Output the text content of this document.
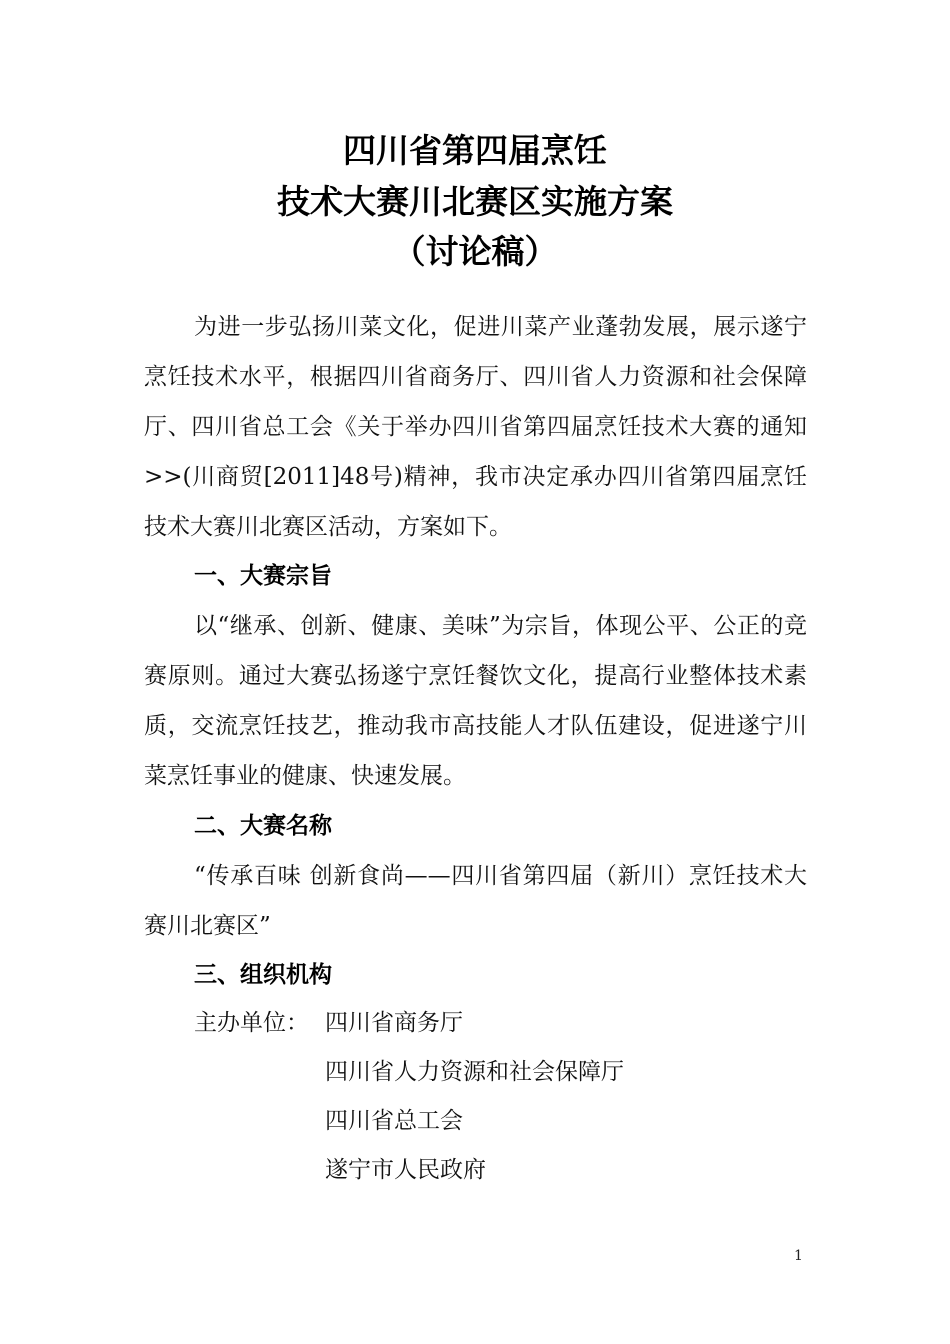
四川省第四届烹饪
技术大赛川北赛区实施方案
（讨论稿）
为进一步弘扬川菜文化，促进川菜产业蓬勃发展，展示遂宁烹饪技术水平，根据四川省商务厅、四川省人力资源和社会保障厅、四川省总工会《关于举办四川省第四届烹饪技术大赛的通知>>(川商贸[2011]48号)精神，我市决定承办四川省第四届烹饪技术大赛川北赛区活动，方案如下。
一、大赛宗旨
以“继承、创新、健康、美味”为宗旨，体现公平、公正的竞赛原则。通过大赛弘扬遂宁烹饪餐饮文化，提高行业整体技术素质，交流烹饪技艺，推动我市高技能人才队伍建设，促进遂宁川菜烹饪事业的健康、快速发展。
二、大赛名称
“传承百味 创新食尚——四川省第四届（新川）烹饪技术大赛川北赛区”
三、组织机构
主办单位： 四川省商务厅
四川省人力资源和社会保障厅
四川省总工会
遂宁市人民政府
1
